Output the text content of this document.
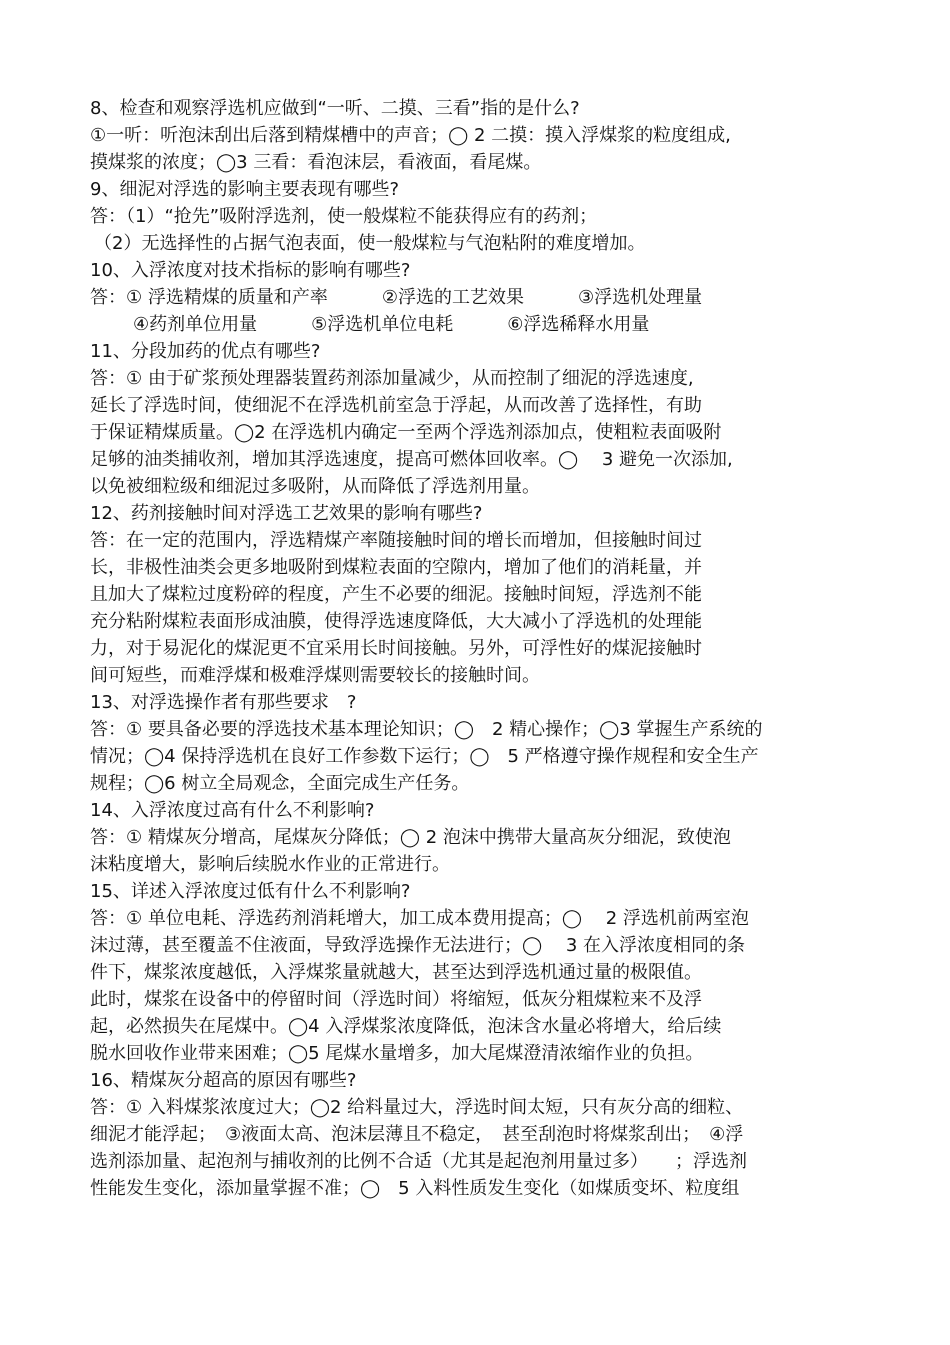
8、检查和观察浮选机应做到“一听、二摸、三看”指的是什么?
①一听：听泡沫刮出后落到精煤槽中的声音；◯ 2 二摸：摸入浮煤浆的粒度组成,
摸煤浆的浓度；◯3 三看：看泡沫层，看液面，看尾煤。
9、细泥对浮选的影响主要表现有哪些?
答：（1）“抢先”吸附浮选剂，使一般煤粒不能获得应有的药剂；
（2）无选择性的占据气泡表面，使一般煤粒与气泡粘附的难度增加。
10、入浮浓度对技术指标的影响有哪些?
答：① 浮选精煤的质量和产率　　　②浮选的工艺效果　　　③浮选机处理量
④药剂单位用量　　　⑤浮选机单位电耗　　　⑥浮选稀释水用量
11、分段加药的优点有哪些?
答：① 由于矿浆预处理器装置药剂添加量减少，从而控制了细泥的浮选速度,
延长了浮选时间，使细泥不在浮选机前室急于浮起，从而改善了选择性，有助
于保证精煤质量。◯2 在浮选机内确定一至两个浮选剂添加点，使粗粒表面吸附
足够的油类捕收剂，增加其浮选速度，提高可燃体回收率。◯　 3 避免一次添加,
以免被细粒级和细泥过多吸附，从而降低了浮选剂用量。
12、药剂接触时间对浮选工艺效果的影响有哪些?
答：在一定的范围内，浮选精煤产率随接触时间的增长而增加，但接触时间过
长，非极性油类会更多地吸附到煤粒表面的空隙内，增加了他们的消耗量，并
且加大了煤粒过度粉碎的程度，产生不必要的细泥。接触时间短，浮选剂不能
充分粘附煤粒表面形成油膜，使得浮选速度降低，大大减小了浮选机的处理能
力，对于易泥化的煤泥更不宜采用长时间接触。另外，可浮性好的煤泥接触时
间可短些，而难浮煤和极难浮煤则需要较长的接触时间。
13、对浮选操作者有那些要求　?
答：① 要具备必要的浮选技术基本理论知识；◯　2 精心操作；◯3 掌握生产系统的
情况；◯4 保持浮选机在良好工作参数下运行；◯　5 严格遵守操作规程和安全生产
规程；◯6 树立全局观念，全面完成生产任务。
14、入浮浓度过高有什么不利影响?
答：① 精煤灰分增高，尾煤灰分降低；◯ 2 泡沫中携带大量高灰分细泥，致使泡
沫粘度增大，影响后续脱水作业的正常进行。
15、详述入浮浓度过低有什么不利影响?
答：① 单位电耗、浮选药剂消耗增大，加工成本费用提高；◯　 2 浮选机前两室泡
沫过薄，甚至覆盖不住液面，导致浮选操作无法进行；◯　 3 在入浮浓度相同的条
件下，煤浆浓度越低，入浮煤浆量就越大，甚至达到浮选机通过量的极限值。
此时，煤浆在设备中的停留时间（浮选时间）将缩短，低灰分粗煤粒来不及浮
起，必然损失在尾煤中。◯4 入浮煤浆浓度降低，泡沫含水量必将增大，给后续
脱水回收作业带来困难；◯5 尾煤水量增多，加大尾煤澄清浓缩作业的负担。
16、精煤灰分超高的原因有哪些?
答：① 入料煤浆浓度过大；◯2 给料量过大，浮选时间太短，只有灰分高的细粒、
细泥才能浮起；　③液面太高、泡沫层薄且不稳定，　甚至刮泡时将煤浆刮出；　④浮
选剂添加量、起泡剂与捕收剂的比例不合适（尤其是起泡剂用量过多）　　；浮选剂
性能发生变化，添加量掌握不准；◯　5 入料性质发生变化（如煤质变坏、粒度组
